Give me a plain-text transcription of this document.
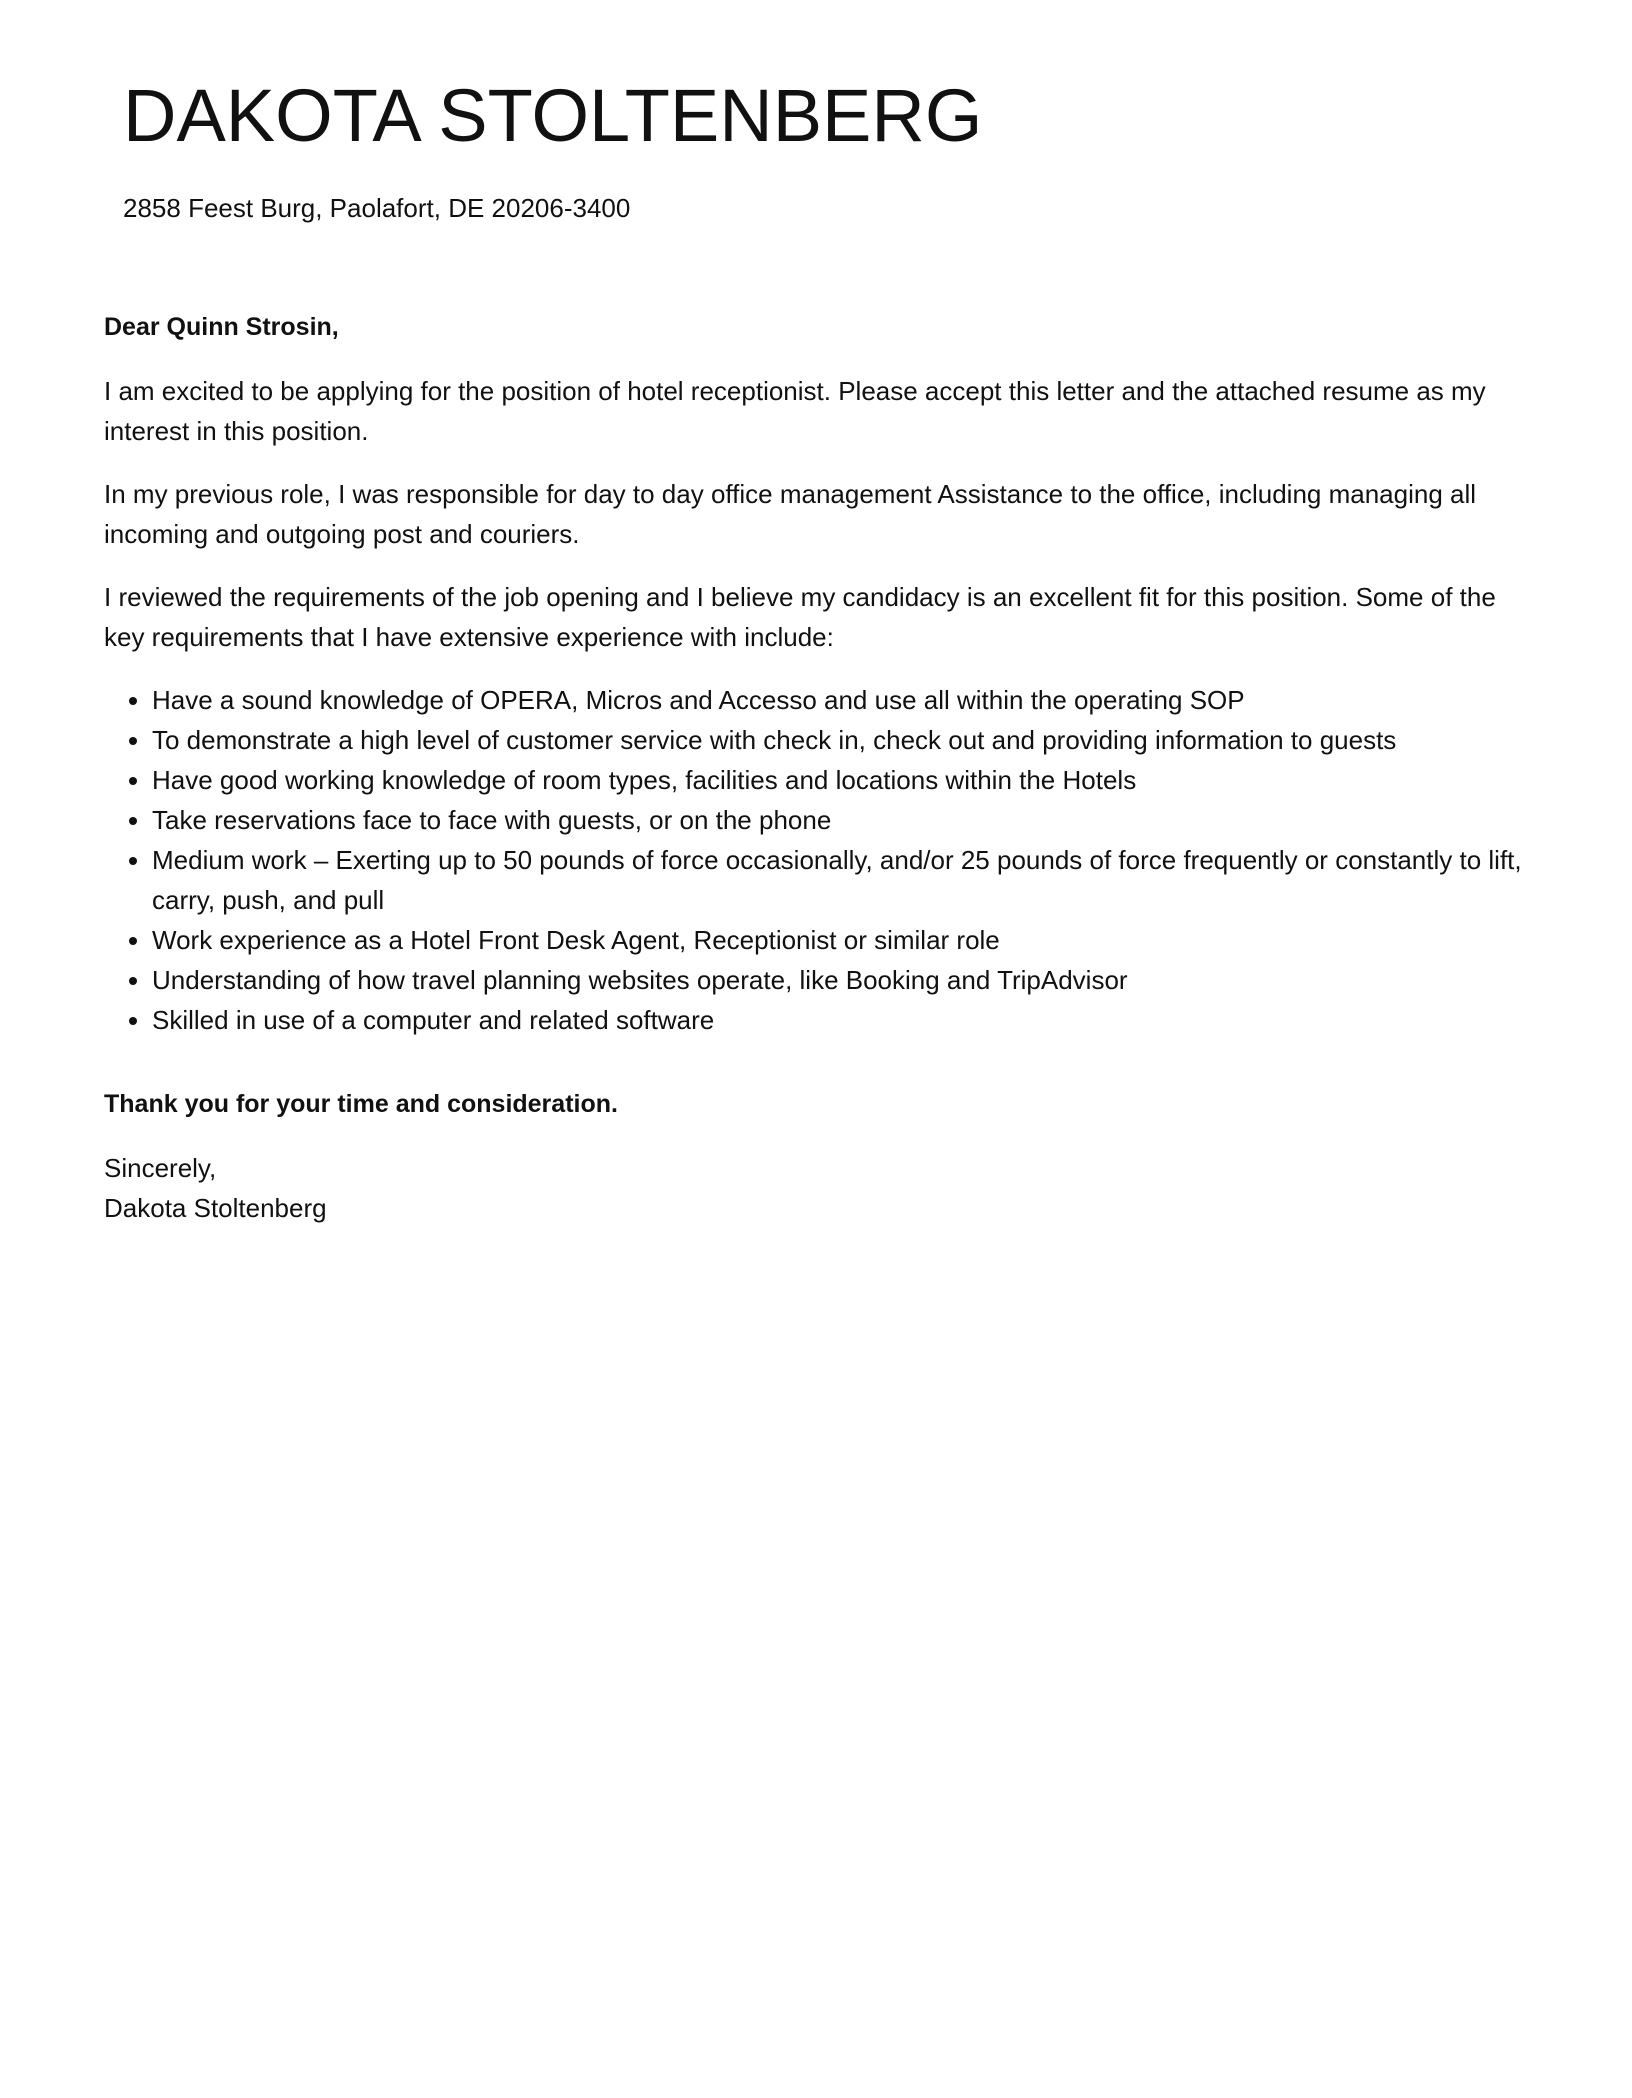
DAKOTA STOLTENBERG
2858 Feest Burg, Paolafort, DE 20206-3400

Dear Quinn Strosin,

I am excited to be applying for the position of hotel receptionist. Please accept this letter and the attached resume as my interest in this position.

In my previous role, I was responsible for day to day office management Assistance to the office, including managing all incoming and outgoing post and couriers.

I reviewed the requirements of the job opening and I believe my candidacy is an excellent fit for this position. Some of the key requirements that I have extensive experience with include:

• Have a sound knowledge of OPERA, Micros and Accesso and use all within the operating SOP
• To demonstrate a high level of customer service with check in, check out and providing information to guests
• Have good working knowledge of room types, facilities and locations within the Hotels
• Take reservations face to face with guests, or on the phone
• Medium work – Exerting up to 50 pounds of force occasionally, and/or 25 pounds of force frequently or constantly to lift, carry, push, and pull
• Work experience as a Hotel Front Desk Agent, Receptionist or similar role
• Understanding of how travel planning websites operate, like Booking and TripAdvisor
• Skilled in use of a computer and related software

Thank you for your time and consideration.

Sincerely,

Dakota Stoltenberg
